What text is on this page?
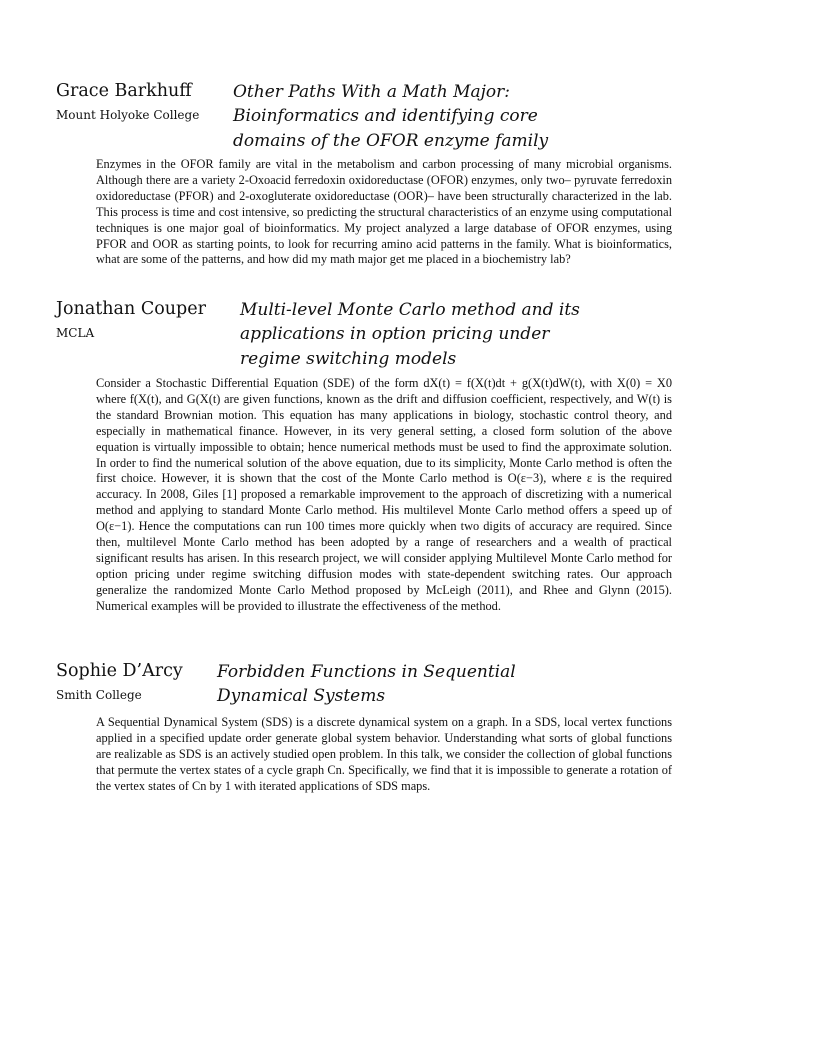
Grace Barkhuff
Mount Holyoke College
Other Paths With a Math Major:
Bioinformatics and identifying core
domains of the OFOR enzyme family
Enzymes in the OFOR family are vital in the metabolism and carbon processing of many microbial organisms. Although there are a variety 2-Oxoacid ferredoxin oxidoreductase (OFOR) enzymes, only two– pyruvate ferredoxin oxidoreductase (PFOR) and 2-oxogluterate oxidoreductase (OOR)– have been structurally characterized in the lab. This process is time and cost intensive, so predicting the structural characteristics of an enzyme using computational techniques is one major goal of bioinformatics. My project analyzed a large database of OFOR enzymes, using PFOR and OOR as starting points, to look for recurring amino acid patterns in the family. What is bioinformatics, what are some of the patterns, and how did my math major get me placed in a biochemistry lab?
Jonathan Couper
MCLA
Multi-level Monte Carlo method and its
applications in option pricing under
regime switching models
Consider a Stochastic Differential Equation (SDE) of the form dX(t) = f(X(t)dt + g(X(t)dW(t), with X(0) = X0 where f(X(t), and G(X(t) are given functions, known as the drift and diffusion coefficient, respectively, and W(t) is the standard Brownian motion. This equation has many applications in biology, stochastic control theory, and especially in mathematical finance. However, in its very general setting, a closed form solution of the above equation is virtually impossible to obtain; hence numerical methods must be used to find the approximate solution. In order to find the numerical solution of the above equation, due to its simplicity, Monte Carlo method is often the first choice. However, it is shown that the cost of the Monte Carlo method is O(ε−3), where ε is the required accuracy. In 2008, Giles [1] proposed a remarkable improvement to the approach of discretizing with a numerical method and applying to standard Monte Carlo method. His multilevel Monte Carlo method offers a speed up of O(ε−1). Hence the computations can run 100 times more quickly when two digits of accuracy are required. Since then, multilevel Monte Carlo method has been adopted by a range of researchers and a wealth of practical significant results has arisen. In this research project, we will consider applying Multilevel Monte Carlo method for option pricing under regime switching diffusion modes with state-dependent switching rates. Our approach generalize the randomized Monte Carlo Method proposed by McLeigh (2011), and Rhee and Glynn (2015). Numerical examples will be provided to illustrate the effectiveness of the method.
Sophie D’Arcy
Smith College
Forbidden Functions in Sequential
Dynamical Systems
A Sequential Dynamical System (SDS) is a discrete dynamical system on a graph. In a SDS, local vertex functions applied in a specified update order generate global system behavior. Understanding what sorts of global functions are realizable as SDS is an actively studied open problem. In this talk, we consider the collection of global functions that permute the vertex states of a cycle graph Cn. Specifically, we find that it is impossible to generate a rotation of the vertex states of Cn by 1 with iterated applications of SDS maps.
